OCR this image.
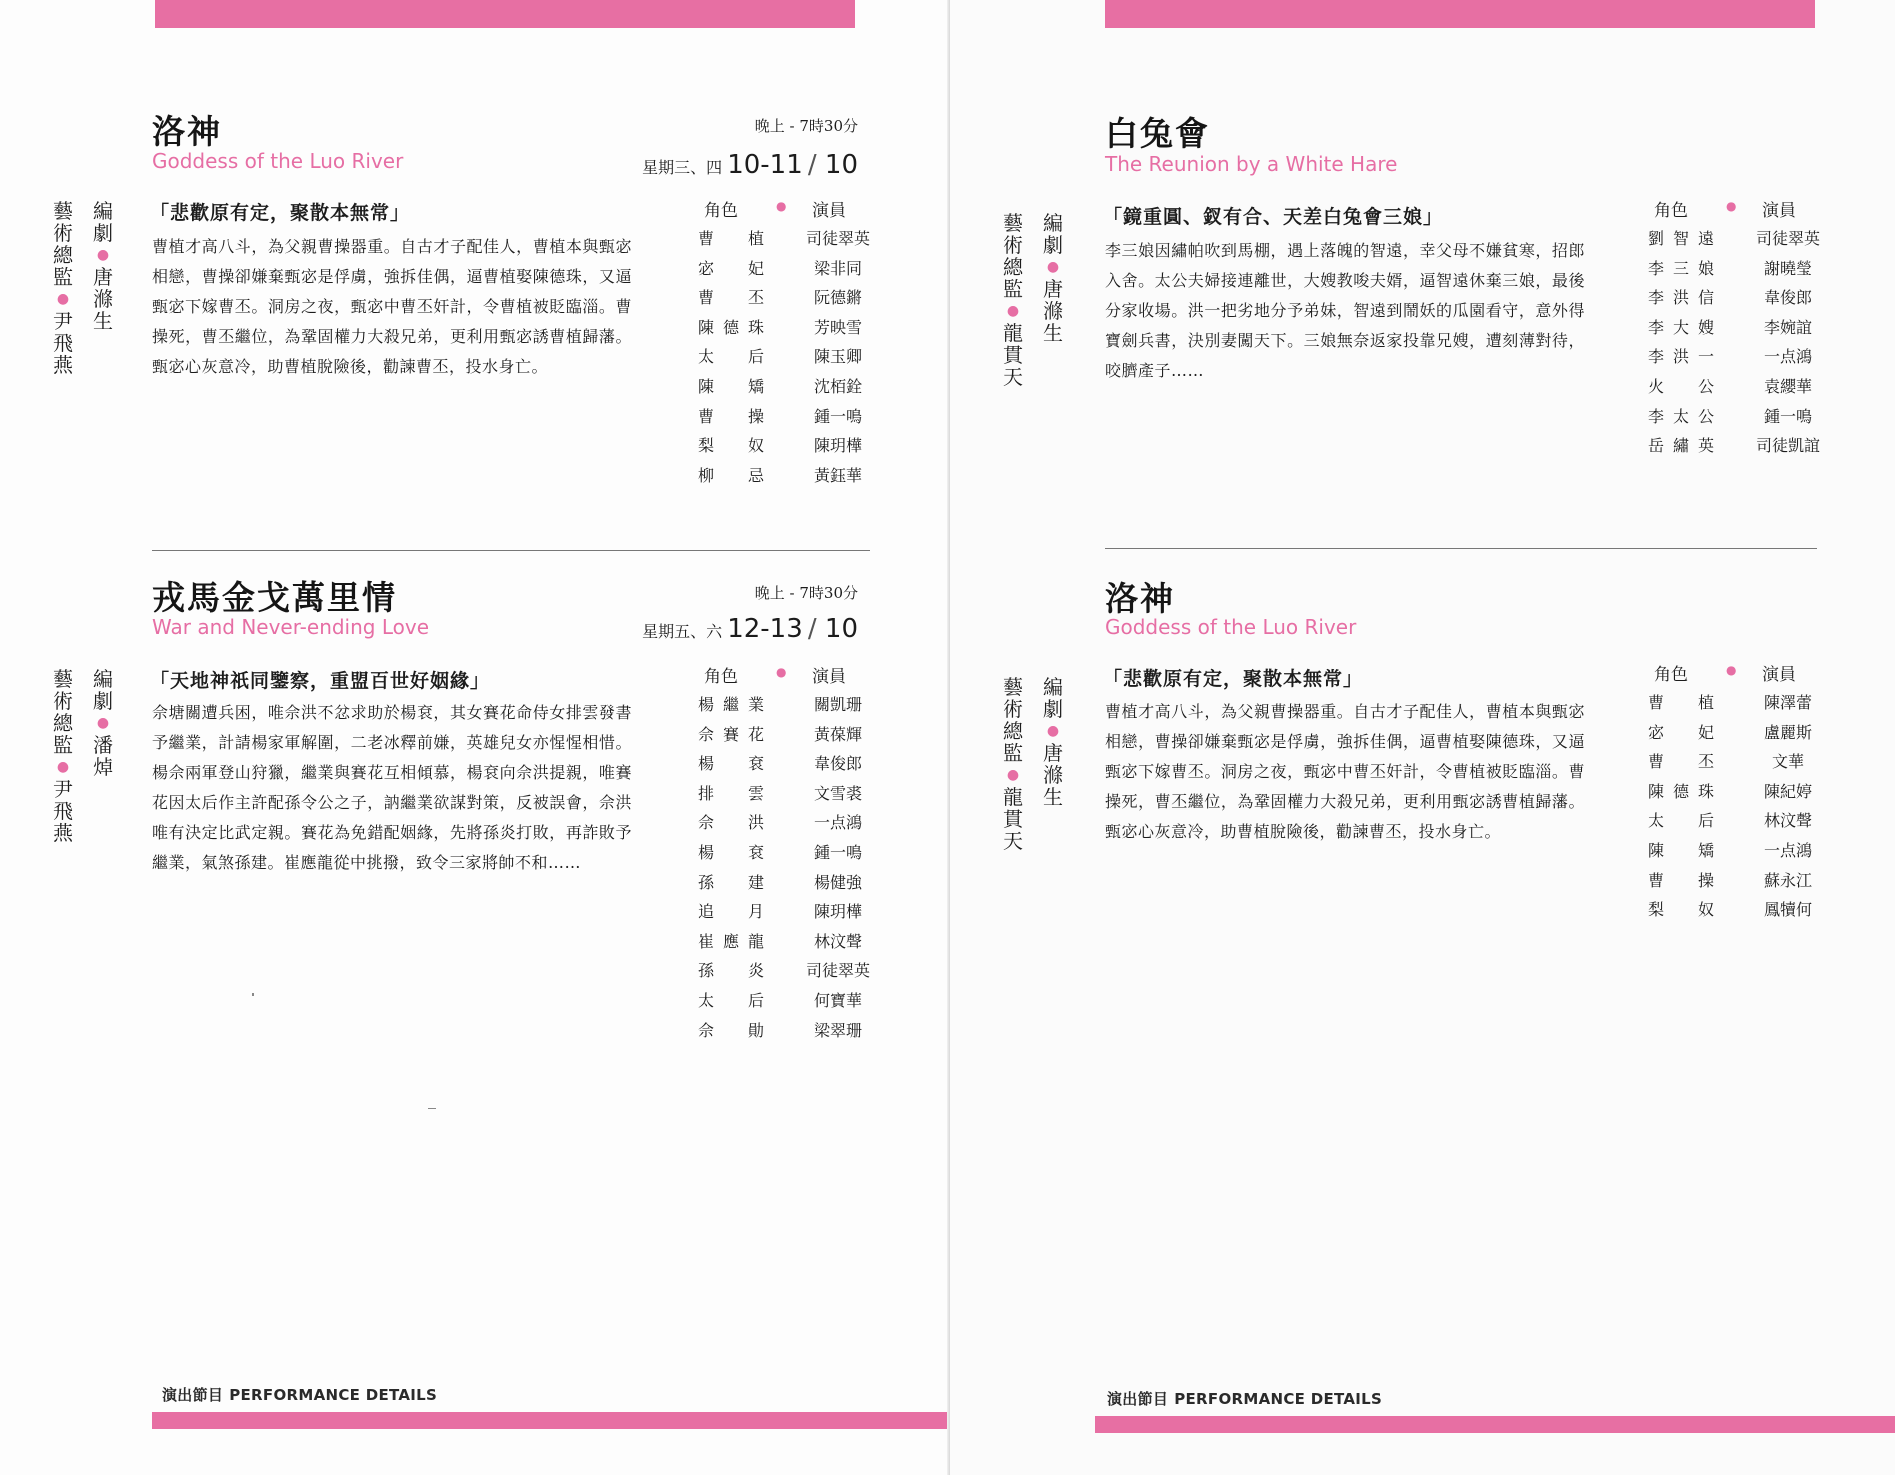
洛神
Goddess of the Luo River
「悲歡原有定，聚散本無常」
曹植才高八斗，為父親曹操器重。自古才子配佳人，曹植本與甄宓相戀，曹操卻嫌棄甄宓是俘虜，強拆佳偶，逼曹植娶陳德珠，又逼甄宓下嫁曹丕。洞房之夜，甄宓中曹丕奸計，令曹植被貶臨淄。曹操死，曹丕繼位，為鞏固權力大殺兄弟，更利用甄宓誘曹植歸藩。甄宓心灰意冷，助曹植脫險後，勸諫曹丕，投水身亡。
編
劇
●
唐
滌
生
藝
術
總
監
●
尹
飛
燕
角色	● 演員
曹植	司徒翠英
宓妃	梁非同
曹丕	阮德鏘
陳德珠	芳映雪
太后	陳玉卿
陳矯	沈栢銓
曹操	鍾一鳴
梨奴	陳玥樺
柳忌	黃鈺華
戎馬金戈萬里情
War and Never-ending Love
「天地神祇同鑒察，重盟百世好姻緣」
佘塘關遭兵困，唯佘洪不忿求助於楊袞，其女賽花命侍女排雲發書予繼業，計請楊家軍解圍，二老冰釋前嫌，英雄兒女亦惺惺相惜。楊佘兩軍登山狩獵，繼業與賽花互相傾慕，楊袞向佘洪提親，唯賽花因太后作主許配孫令公之子，訥繼業欲謀對策，反被誤會，佘洪唯有決定比武定親。賽花為免錯配姻緣，先將孫炎打敗，再詐敗予繼業，氣煞孫建。崔應龍從中挑撥，致令三家將帥不和……
編
劇
●
潘
焯
藝
術
總
監
●
尹
飛
燕
角色	● 演員
楊繼業	關凱珊
佘賽花	黃葆輝
楊袞	韋俊郎
排雲	文雪裘
佘洪	一点鴻
楊袞	鍾一鳴
孫建	楊健強
追月	陳玥樺
崔應龍	林汶聲
孫炎	司徒翠英
太后	何寶華
佘勛	梁翠珊
演出節目 PERFORMANCE DETAILS
白兔會
The Reunion by a White Hare
晚上 - 7時30分
星期三、四 10-11 / 10
「鏡重圓、釵有合、天差白兔會三娘」
李三娘因繡帕吹到馬棚，遇上落魄的智遠，幸父母不嫌貧寒，招郎入舍。太公夫婦接連離世，大嫂教唆夫婿，逼智遠休棄三娘，最後分家收場。洪一把劣地分予弟妹，智遠到鬧妖的瓜園看守，意外得寶劍兵書，決別妻闖天下。三娘無奈返家投靠兄嫂，遭刻薄對待，咬臍產子……
編
劇
●
唐
滌
生
藝
術
總
監
●
龍
貫
天
角色	● 演員
劉智遠	司徒翠英
李三娘	謝曉瑩
李洪信	韋俊郎
李大嫂	李婉誼
李洪一	一点鴻
火公	袁纓華
李太公	鍾一鳴
岳繡英	司徒凱誼
洛神
Goddess of the Luo River
晚上 - 7時30分
星期五、六 12-13 / 10
「悲歡原有定，聚散本無常」
曹植才高八斗，為父親曹操器重。自古才子配佳人，曹植本與甄宓相戀，曹操卻嫌棄甄宓是俘虜，強拆佳偶，逼曹植娶陳德珠，又逼甄宓下嫁曹丕。洞房之夜，甄宓中曹丕奸計，令曹植被貶臨淄。曹操死，曹丕繼位，為鞏固權力大殺兄弟，更利用甄宓誘曹植歸藩。甄宓心灰意冷，助曹植脫險後，勸諫曹丕，投水身亡。
編
劇
●
唐
滌
生
藝
術
總
監
●
龍
貫
天
角色	● 演員
曹植	陳澤蕾
宓妃	盧麗斯
曹丕	文華
陳德珠	陳紀婷
太后	林汶聲
陳矯	一点鴻
曹操	蘇永江
梨奴	鳳犢何
演出節目 PERFORMANCE DETAILS
